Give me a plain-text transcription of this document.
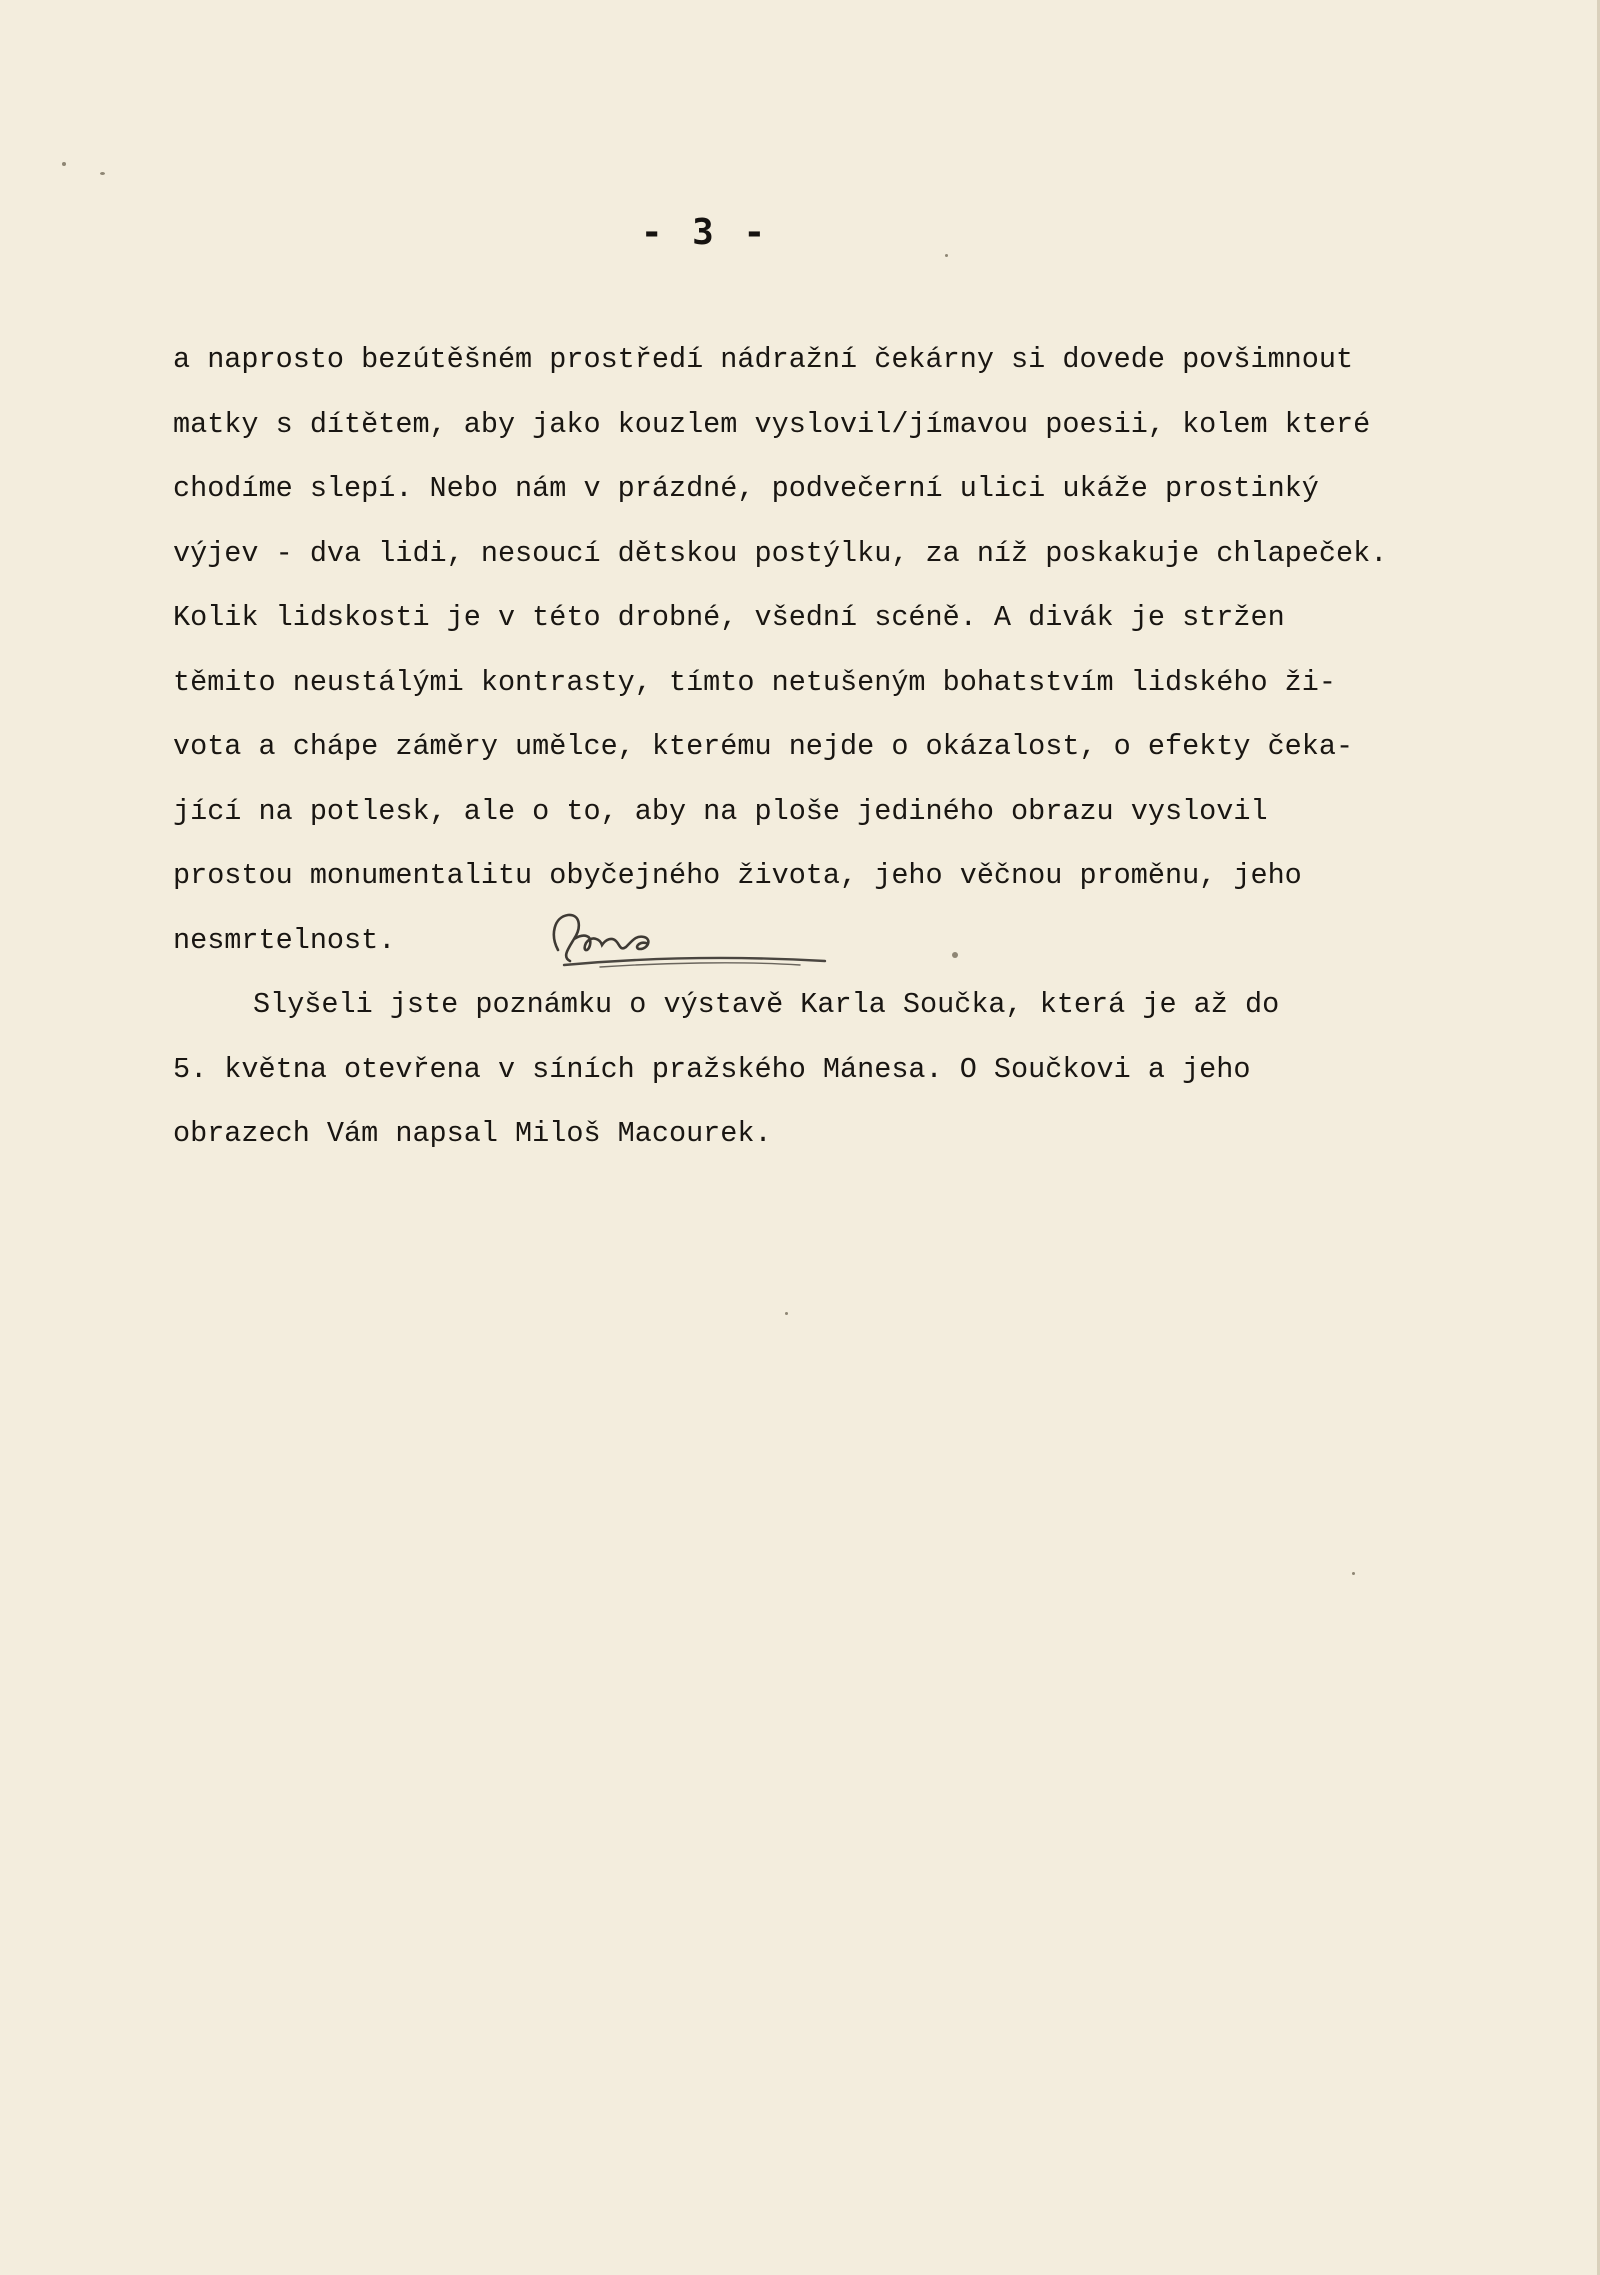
- 3 -
a naprosto bezútěšném prostředí nádražní čekárny si dovede povšimnout
matky s dítětem, aby jako kouzlem vyslovil/jímavou poesii, kolem které
chodíme slepí. Nebo nám v prázdné, podvečerní ulici ukáže prostinký
výjev - dva lidi, nesoucí dětskou postýlku, za níž poskakuje chlapeček.
Kolik lidskosti je v této drobné, všední scéně. A divák je stržen
těmito neustálými kontrasty, tímto netušeným bohatstvím lidského ži-
vota a chápe záměry umělce, kterému nejde o okázalost, o efekty čeka-
jící na potlesk, ale o to, aby na ploše jediného obrazu vyslovil
prostou monumentalitu obyčejného života, jeho věčnou proměnu, jeho
nesmrtelnost.
Slyšeli jste poznámku o výstavě Karla Součka, která je až do
5. května otevřena v síních pražského Mánesa. O Součkovi a jeho
obrazech Vám napsal Miloš Macourek.
